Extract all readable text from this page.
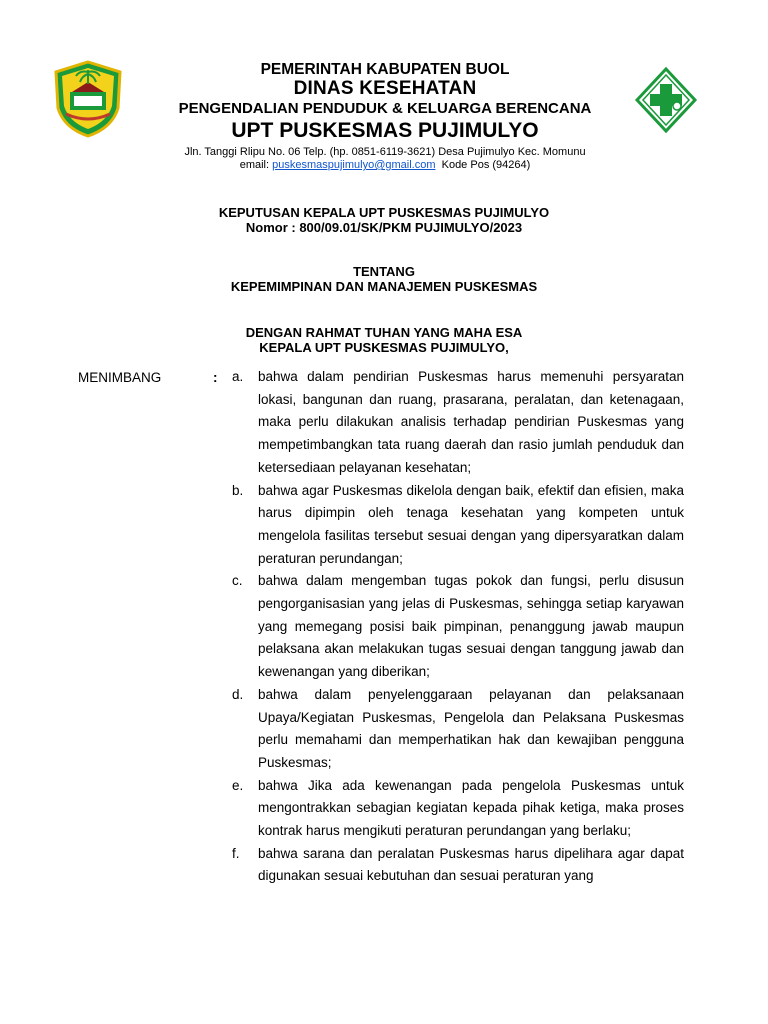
PEMERINTAH KABUPATEN BUOL
DINAS KESEHATAN
PENGENDALIAN PENDUDUK & KELUARGA BERENCANA
UPT PUSKESMAS PUJIMULYO
Jln. Tanggi Rlipu No. 06 Telp. (hp. 0851-6119-3621) Desa Pujimulyo Kec. Momunu
email: puskesmaspujimulyo@gmail.com  Kode Pos (94264)
KEPUTUSAN KEPALA UPT PUSKESMAS PUJIMULYO
Nomor : 800/09.01/SK/PKM PUJIMULYO/2023
TENTANG
KEPEMIMPINAN DAN MANAJEMEN PUSKESMAS
DENGAN RAHMAT TUHAN YANG MAHA ESA
KEPALA UPT PUSKESMAS PUJIMULYO,
MENIMBANG	: a. bahwa dalam pendirian Puskesmas harus memenuhi persyaratan lokasi, bangunan dan ruang, prasarana, peralatan, dan ketenagaan, maka perlu dilakukan analisis terhadap pendirian Puskesmas yang mempetimbangkan tata ruang daerah dan rasio jumlah penduduk dan ketersediaan pelayanan kesehatan;
b. bahwa agar Puskesmas dikelola dengan baik, efektif dan efisien, maka harus dipimpin oleh tenaga kesehatan yang kompeten untuk mengelola fasilitas tersebut sesuai dengan yang dipersyaratkan dalam peraturan perundangan;
c. bahwa dalam mengemban tugas pokok dan fungsi, perlu disusun pengorganisasian yang jelas di Puskesmas, sehingga setiap karyawan yang memegang posisi baik pimpinan, penanggung jawab maupun pelaksana akan melakukan tugas sesuai dengan tanggung jawab dan kewenangan yang diberikan;
d. bahwa dalam penyelenggaraan pelayanan dan pelaksanaan Upaya/Kegiatan Puskesmas, Pengelola dan Pelaksana Puskesmas perlu memahami dan memperhatikan hak dan kewajiban pengguna Puskesmas;
e. bahwa Jika ada kewenangan pada pengelola Puskesmas untuk mengontrakkan sebagian kegiatan kepada pihak ketiga, maka proses kontrak harus mengikuti peraturan perundangan yang berlaku;
f. bahwa sarana dan peralatan Puskesmas harus dipelihara agar dapat digunakan sesuai kebutuhan dan sesuai peraturan yang
